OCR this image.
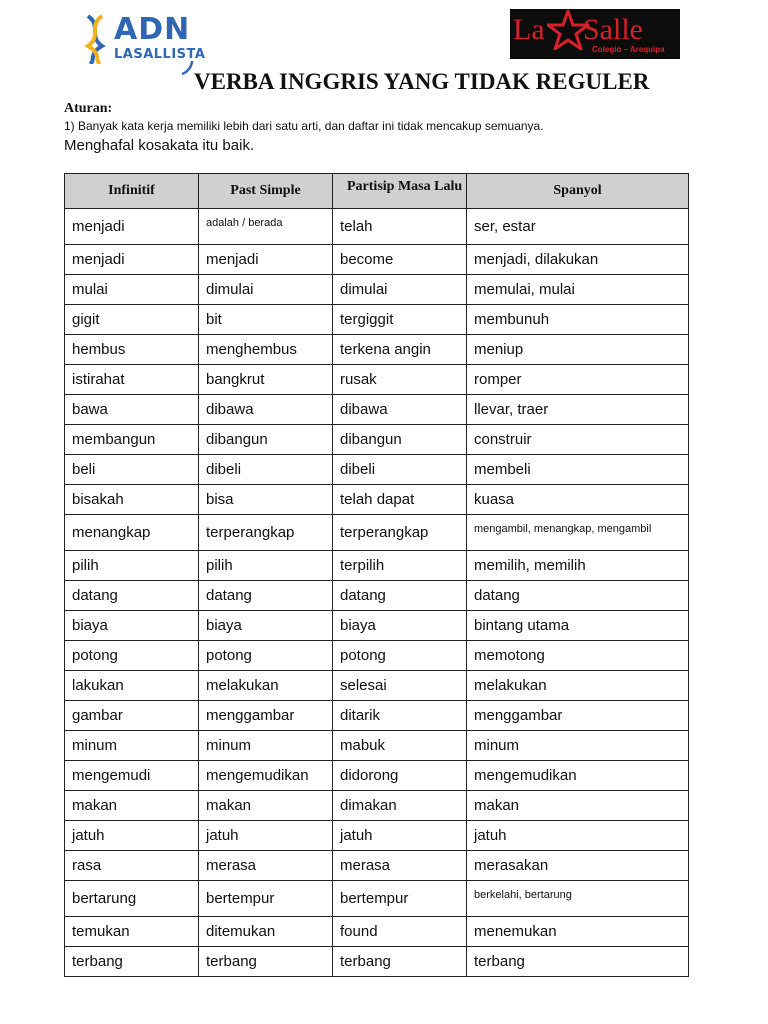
ADN
LASALLISTA
La Salle
Colegio – Arequipa
VERBA INGGRIS YANG TIDAK REGULER
Aturan:
1) Banyak kata kerja memiliki lebih dari satu arti, dan daftar ini tidak mencakup semuanya.
Menghafal kosakata itu baik.
Infinitif	Past Simple	Partisip Masa Lalu	Spanyol
menjadi	adalah / berada	telah	ser, estar
menjadi	menjadi	become	menjadi, dilakukan
mulai	dimulai	dimulai	memulai, mulai
gigit	bit	tergiggit	membunuh
hembus	menghembus	terkena angin	meniup
istirahat	bangkrut	rusak	romper
bawa	dibawa	dibawa	llevar, traer
membangun	dibangun	dibangun	construir
beli	dibeli	dibeli	membeli
bisakah	bisa	telah dapat	kuasa
menangkap	terperangkap	terperangkap	mengambil, menangkap, mengambil
pilih	pilih	terpilih	memilih, memilih
datang	datang	datang	datang
biaya	biaya	biaya	bintang utama
potong	potong	potong	memotong
lakukan	melakukan	selesai	melakukan
gambar	menggambar	ditarik	menggambar
minum	minum	mabuk	minum
mengemudi	mengemudikan	didorong	mengemudikan
makan	makan	dimakan	makan
jatuh	jatuh	jatuh	jatuh
rasa	merasa	merasa	merasakan
bertarung	bertempur	bertempur	berkelahi, bertarung
temukan	ditemukan	found	menemukan
terbang	terbang	terbang	terbang
